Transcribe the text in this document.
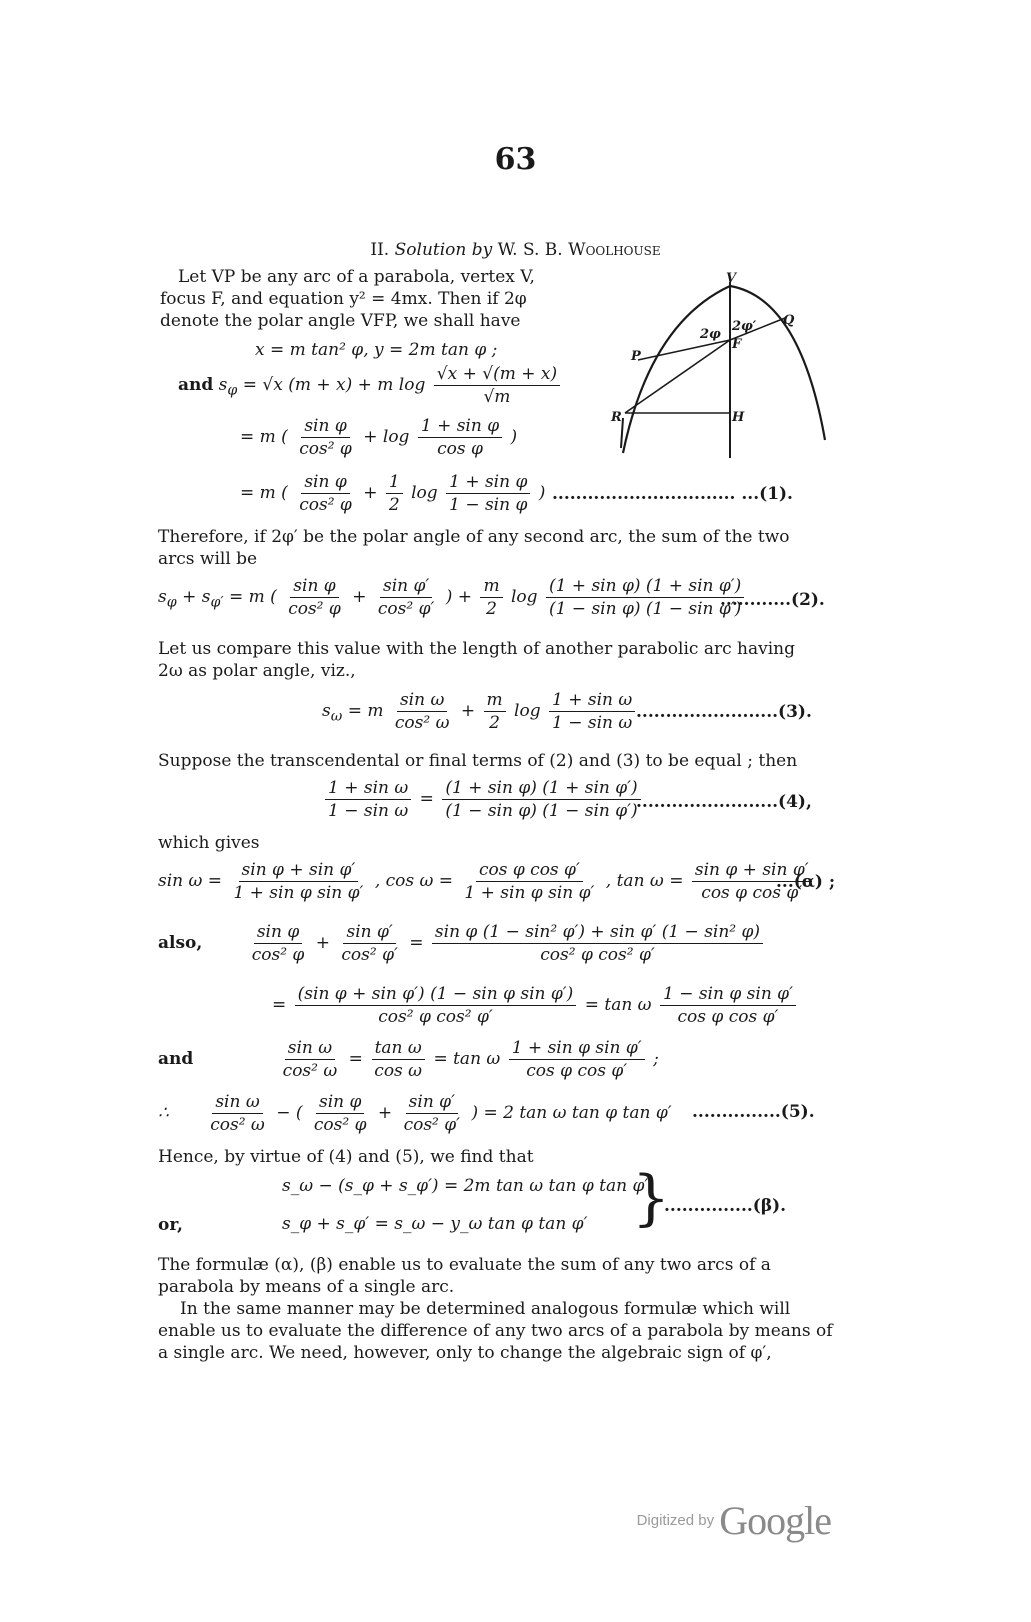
63
II. Solution by W. S. B. Woolhouse
V
Q
2φ
2φ′
F
P
R	H
Let VP be any arc of a parabola, vertex V,
focus F, and equation y² = 4mx. Then if 2φ
denote the polar angle VFP, we shall have
x = m tan² φ, y = 2m tan φ ;
and $s_\varphi = √x$ (m + x) + m $\log \frac{√x + √(m + x)}{√m}$
= m ( $\frac{\text{sin φ}}{\text{cos² φ}} + \log \frac{\text{1 + sin φ}}{\text{cos φ}}$ )
= m ( $\frac{\text{sin φ}}{\text{cos² φ}} + \frac{1}{2}$ $\log \frac{\text{1 + sin φ}}{\text{1 − sin φ}}$ ) ............................... ...(1).
Therefore, if 2φ′ be the polar angle of any second arc, the sum of the two
arcs will be
$s_\varphi + s_{\varphi'} = m$ ( $\frac{\text{sin φ}}{\text{cos² φ}} + \frac{\text{sin φ′}}{\text{cos² φ′}}$ ) + $\frac{m}{2}$ $\log \frac{\text{(1 + sin φ) (1 + sin φ′)}}{\text{(1 − sin φ) (1 − sin φ′)}}$
............(2).
Let us compare this value with the length of another parabolic arc having
2ω as polar angle, viz.,
$s_\omega = m \frac{\text{sin ω}}{\text{cos² ω}} + \frac{m}{2}$ $\log \frac{\text{1 + sin ω}}{\text{1 − sin ω}} ........................(3)$.
Suppose the transcendental or final terms of (2) and (3) to be equal ; then
$\frac{\text{1 + sin ω}}{\text{1 − sin ω}} = \frac{\text{(1 + sin φ) (1 + sin φ′)}}{\text{(1 − sin φ) (1 − sin φ′)}}$
........................(4),
which gives
$\sin \omega = \frac{\text{sin φ + sin φ′}}{\text{1 + sin φ sin φ′}}$ , $\cos \omega = \frac{\text{cos φ cos φ′}}{\text{1 + sin φ sin φ′}}$ , $\tan \omega = \frac{\text{sin φ + sin φ′}}{\text{cos φ cos φ′}}$
...(α) ;
also,	$\frac{\text{sin φ}}{\text{cos² φ}} + \frac{\text{sin φ′}}{\text{cos² φ′}} = \frac{\text{sin φ (1 − sin² φ′) + sin φ′ (1 − sin² φ)}}{\text{cos² φ cos² φ′}}$
= $\frac{\text{(sin φ + sin φ′) (1 − sin φ sin φ′)}}{\text{cos² φ cos² φ′}} = \tan \omega \frac{\text{1 − sin φ sin φ′}}{\text{cos φ cos φ′}}$
and	$\frac{\text{sin ω}}{\text{cos² ω}} = \frac{\text{tan ω}}{\text{cos ω}} = \tan \omega \frac{\text{1 + sin φ sin φ′}}{\text{cos φ cos φ′}}$ ;
∴ $\frac{\text{sin ω}}{\text{cos² ω}}$ − ( $\frac{\text{sin φ}}{\text{cos² φ}} + \frac{\text{sin φ′}}{\text{cos² φ′}}$ ) = 2 tan ω tan φ tan φ′ ...............(5).
Hence, by virtue of (4) and (5), we find that
s_ω − (s_φ + s_φ′) = 2m tan ω tan φ tan φ′
or,	s_φ + s_φ′ = s_ω − y_ω tan φ tan φ′ }
...............(β).
The formulæ (α), (β) enable us to evaluate the sum of any two arcs of a
parabola by means of a single arc.
In the same manner may be determined analogous formulæ which will
enable us to evaluate the difference of any two arcs of a parabola by means of
a single arc. We need, however, only to change the algebraic sign of φ′,
Digitized by Google
